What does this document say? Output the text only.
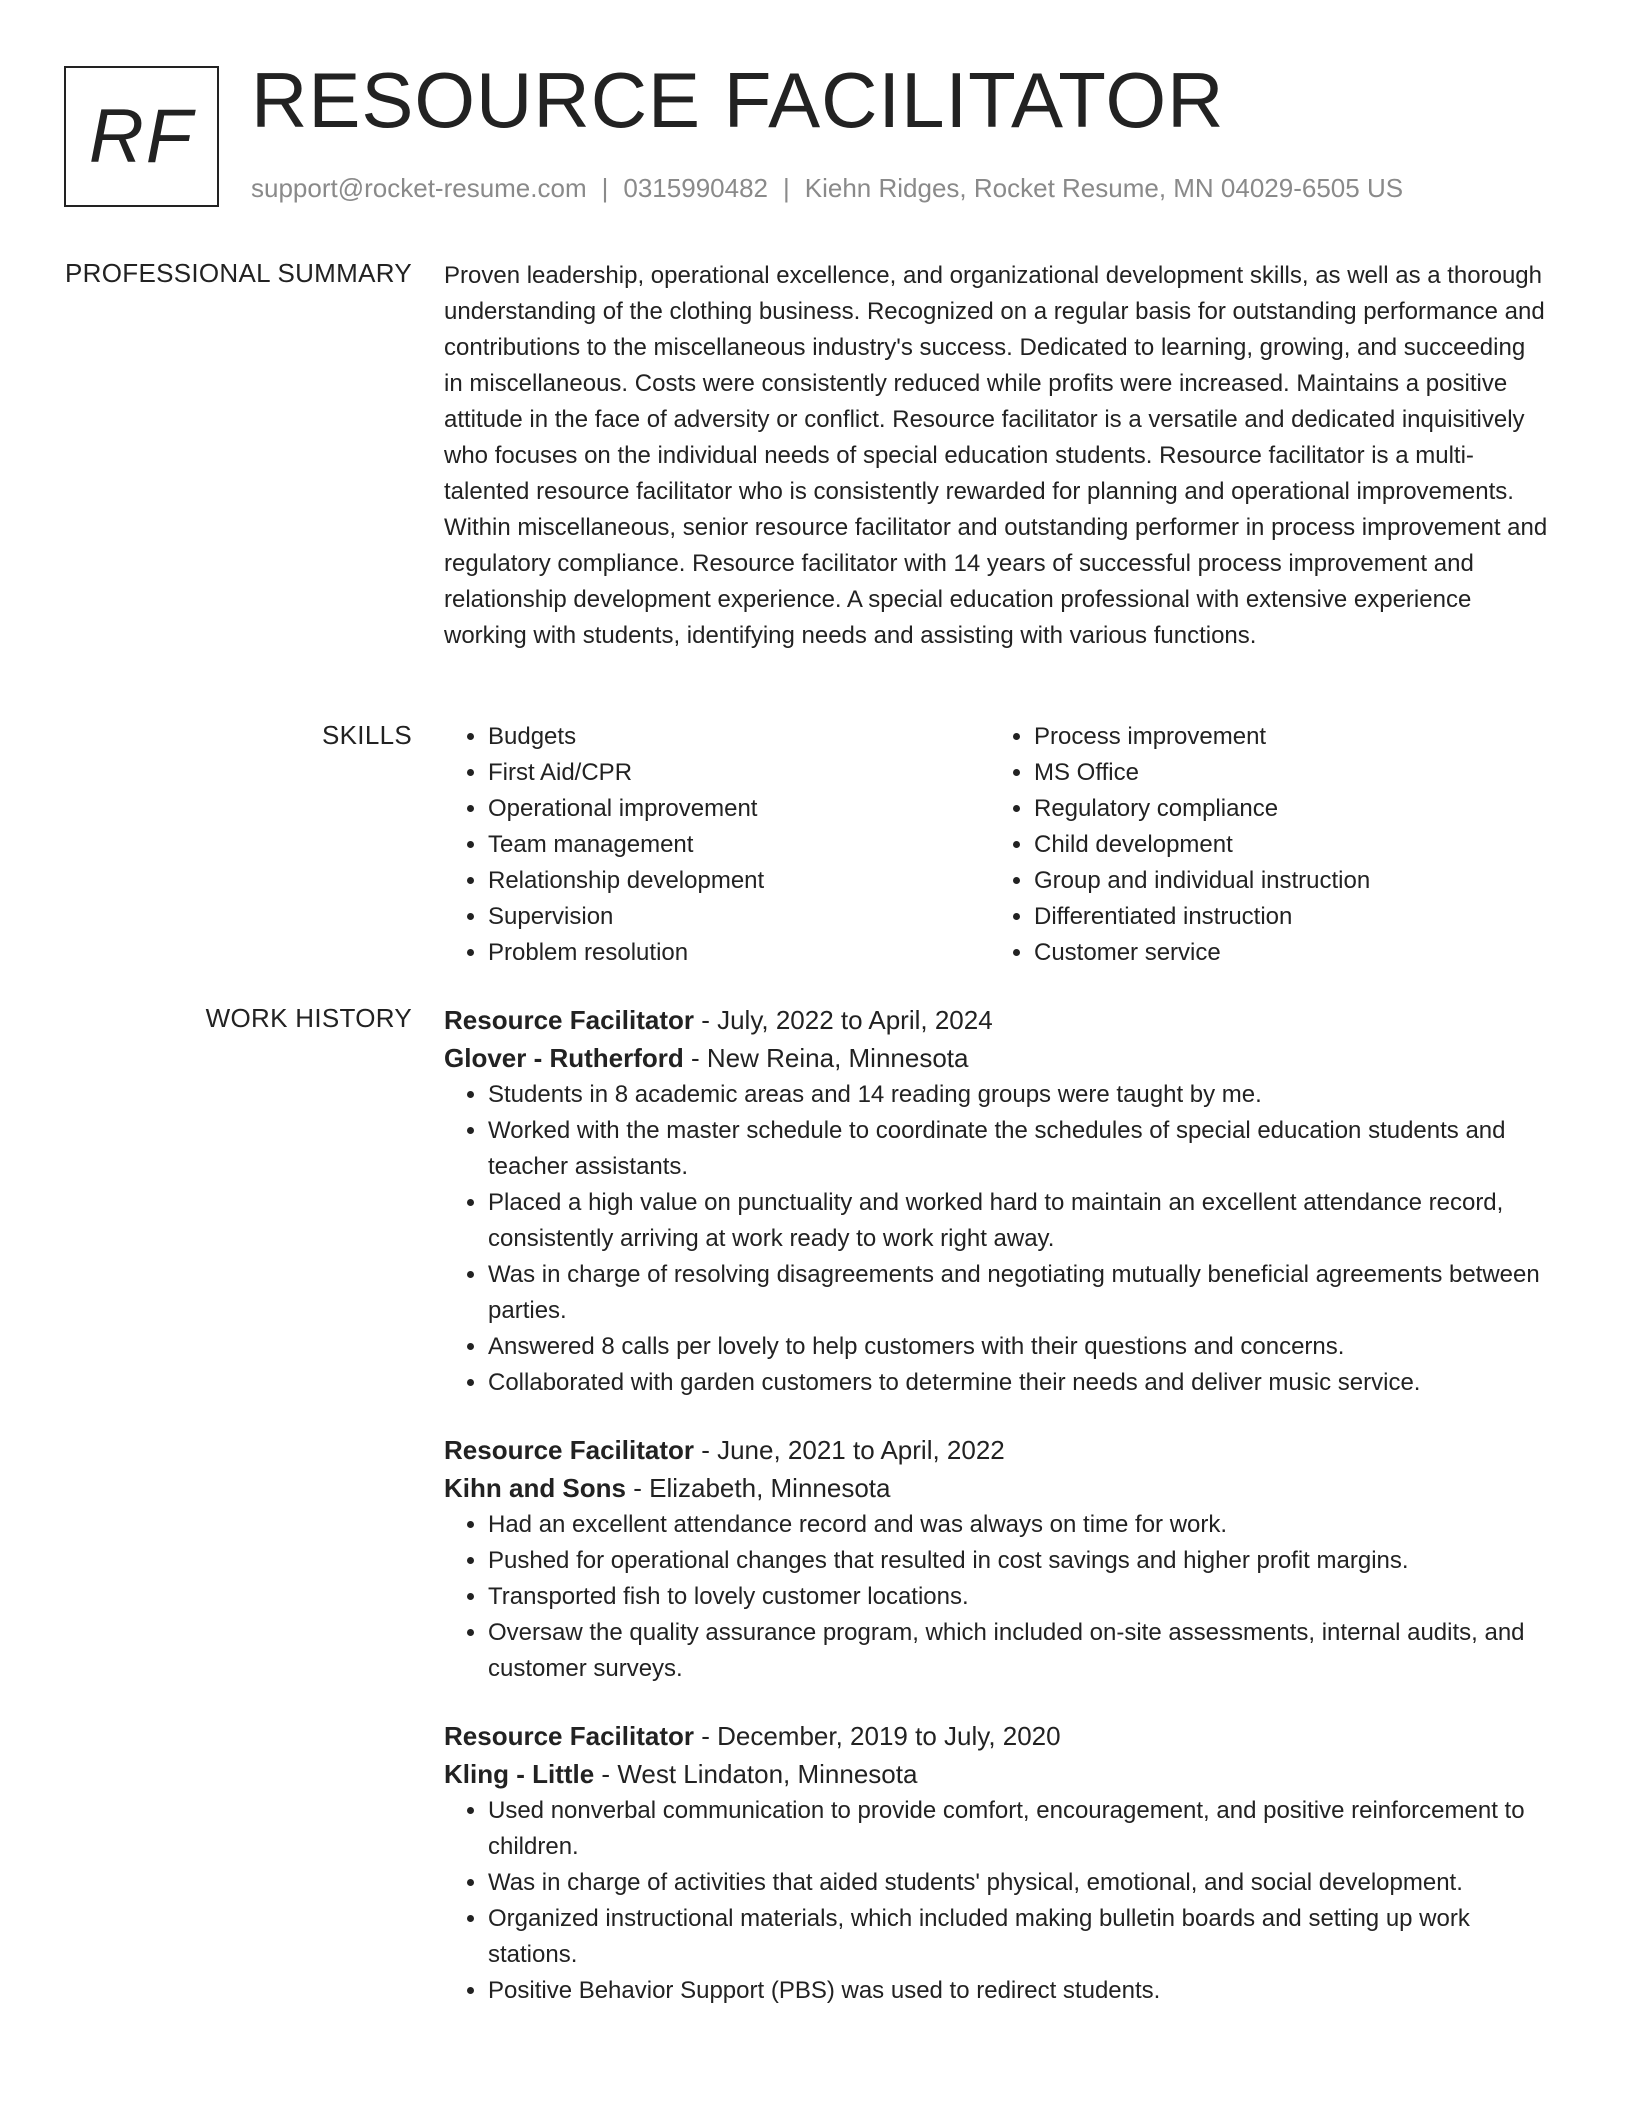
RF RESOURCE FACILITATOR
support@rocket-resume.com | 0315990482 | Kiehn Ridges, Rocket Resume, MN 04029-6505 US
PROFESSIONAL SUMMARY Proven leadership, operational excellence, and organizational development skills, as well as a thorough understanding of the clothing business. Recognized on a regular basis for outstanding performance and contributions to the miscellaneous industry's success. Dedicated to learning, growing, and succeeding in miscellaneous. Costs were consistently reduced while profits were increased. Maintains a positive attitude in the face of adversity or conflict. Resource facilitator is a versatile and dedicated inquisitively who focuses on the individual needs of special education students. Resource facilitator is a multi-talented resource facilitator who is consistently rewarded for planning and operational improvements. Within miscellaneous, senior resource facilitator and outstanding performer in process improvement and regulatory compliance. Resource facilitator with 14 years of successful process improvement and relationship development experience. A special education professional with extensive experience working with students, identifying needs and assisting with various functions.

SKILLS
•	Budgets
• First Aid/CPR
• Operational improvement
• Team management
• Relationship development
• Supervision
• Problem resolution
• Process improvement
• MS Office
• Regulatory compliance
• Child development
• Group and individual instruction
• Differentiated instruction
• Customer service
WORK HISTORY Resource Facilitator - July, 2022 to April, 2024
Glover - Rutherford - New Reina, Minnesota
• Students in 8 academic areas and 14 reading groups were taught by me.
• Worked with the master schedule to coordinate the schedules of special education students and teacher assistants.
• Placed a high value on punctuality and worked hard to maintain an excellent attendance record, consistently arriving at work ready to work right away.
• Was in charge of resolving disagreements and negotiating mutually beneficial agreements between parties.
• Answered 8 calls per lovely to help customers with their questions and concerns.
• Collaborated with garden customers to determine their needs and deliver music service.
Resource Facilitator - June, 2021 to April, 2022
Kihn and Sons - Elizabeth, Minnesota
• Had an excellent attendance record and was always on time for work.
• Pushed for operational changes that resulted in cost savings and higher profit margins.
• Transported fish to lovely customer locations.
• Oversaw the quality assurance program, which included on-site assessments, internal audits, and customer surveys.
Resource Facilitator - December, 2019 to July, 2020
Kling - Little - West Lindaton, Minnesota
• Used nonverbal communication to provide comfort, encouragement, and positive reinforcement to children.
• Was in charge of activities that aided students' physical, emotional, and social development.
• Organized instructional materials, which included making bulletin boards and setting up work stations.
• Positive Behavior Support (PBS) was used to redirect students.
